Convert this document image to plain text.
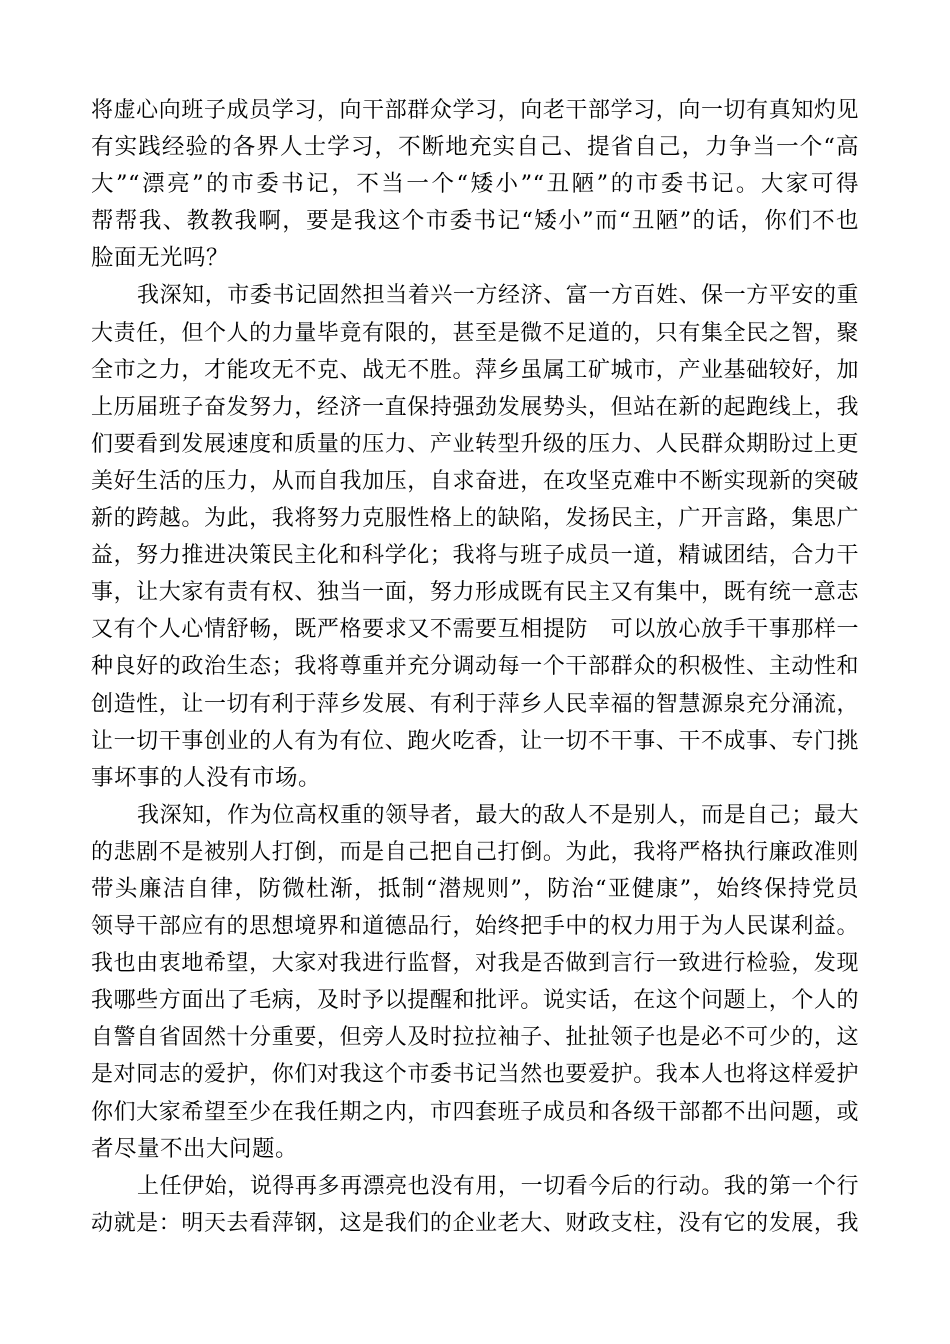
将虚心向班子成员学习，向干部群众学习，向老干部学习，向一切有真知灼见
有实践经验的各界人士学习，不断地充实自己、提省自己，力争当一个“高
大”“漂亮”的市委书记，不当一个“矮小”“丑陋”的市委书记。大家可得
帮帮我、教教我啊，要是我这个市委书记“矮小”而“丑陋”的话，你们不也
脸面无光吗？
我深知，市委书记固然担当着兴一方经济、富一方百姓、保一方平安的重
大责任，但个人的力量毕竟有限的，甚至是微不足道的，只有集全民之智，聚
全市之力，才能攻无不克、战无不胜。萍乡虽属工矿城市，产业基础较好，加
上历届班子奋发努力，经济一直保持强劲发展势头，但站在新的起跑线上，我
们要看到发展速度和质量的压力、产业转型升级的压力、人民群众期盼过上更
美好生活的压力，从而自我加压，自求奋进，在攻坚克难中不断实现新的突破
新的跨越。为此，我将努力克服性格上的缺陷，发扬民主，广开言路，集思广
益，努力推进决策民主化和科学化；我将与班子成员一道，精诚团结，合力干
事，让大家有责有权、独当一面，努力形成既有民主又有集中，既有统一意志
又有个人心情舒畅，既严格要求又不需要互相提防　可以放心放手干事那样一
种良好的政治生态；我将尊重并充分调动每一个干部群众的积极性、主动性和
创造性，让一切有利于萍乡发展、有利于萍乡人民幸福的智慧源泉充分涌流，
让一切干事创业的人有为有位、跑火吃香，让一切不干事、干不成事、专门挑
事坏事的人没有市场。
我深知，作为位高权重的领导者，最大的敌人不是别人，而是自己；最大
的悲剧不是被别人打倒，而是自己把自己打倒。为此，我将严格执行廉政准则
带头廉洁自律，防微杜渐，抵制“潜规则”，防治“亚健康”，始终保持党员
领导干部应有的思想境界和道德品行，始终把手中的权力用于为人民谋利益。
我也由衷地希望，大家对我进行监督，对我是否做到言行一致进行检验，发现
我哪些方面出了毛病，及时予以提醒和批评。说实话，在这个问题上，个人的
自警自省固然十分重要，但旁人及时拉拉袖子、扯扯领子也是必不可少的，这
是对同志的爱护，你们对我这个市委书记当然也要爱护。我本人也将这样爱护
你们大家希望至少在我任期之内，市四套班子成员和各级干部都不出问题，或
者尽量不出大问题。
上任伊始，说得再多再漂亮也没有用，一切看今后的行动。我的第一个行
动就是：明天去看萍钢，这是我们的企业老大、财政支柱，没有它的发展，我
